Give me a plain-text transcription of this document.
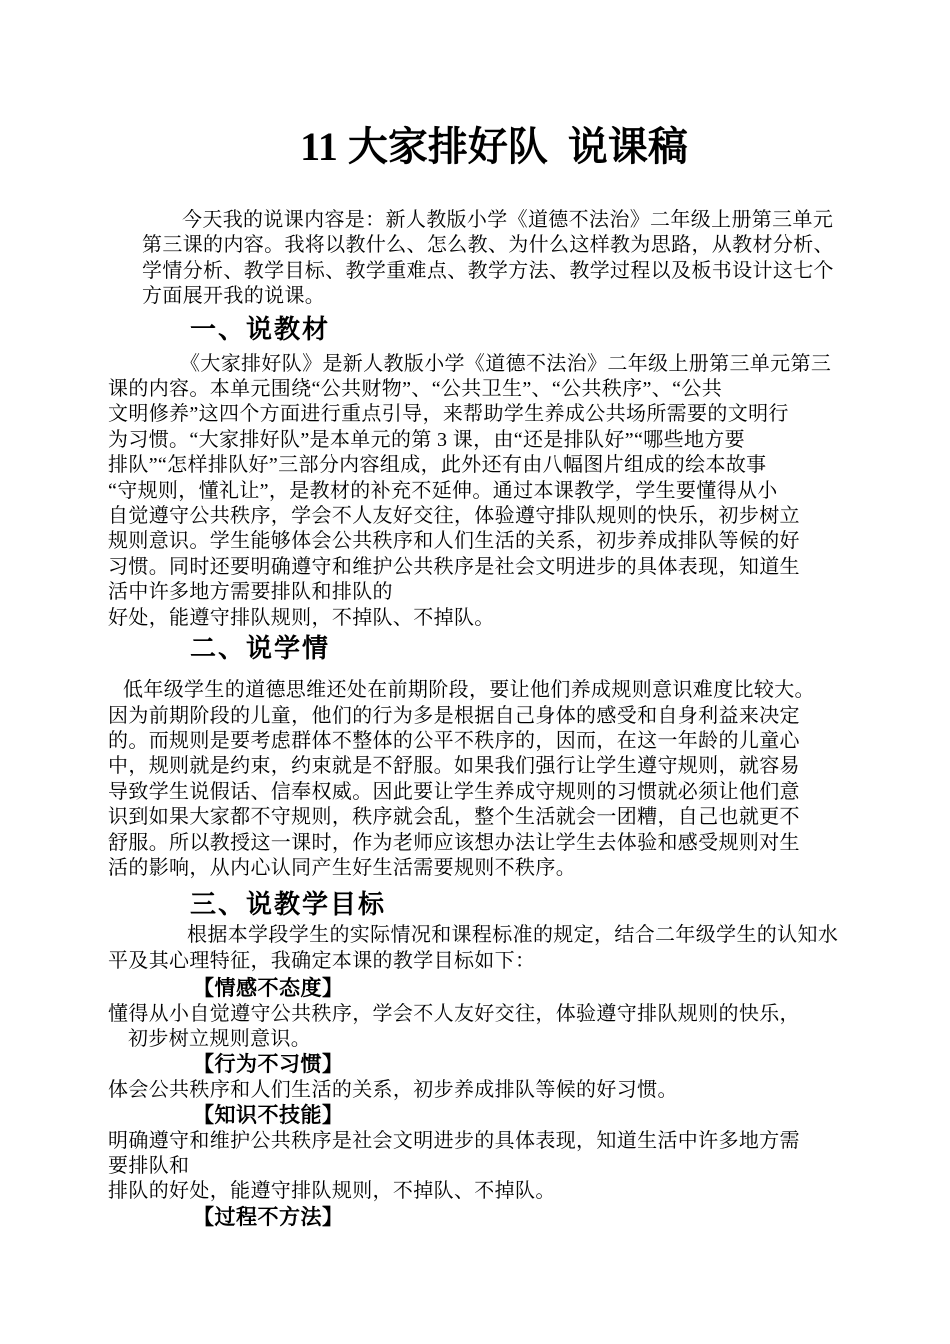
11 大家排好队  说课稿
今天我的说课内容是：新人教版小学《道德不法治》二年级上册第三单元
第三课的内容。我将以教什么、怎么教、为什么这样教为思路，从教材分析、
学情分析、教学目标、教学重难点、教学方法、教学过程以及板书设计这七个
方面展开我的说课。
一、说教材
《大家排好队》是新人教版小学《道德不法治》二年级上册第三单元第三
课的内容。本单元围绕“公共财物”、“公共卫生”、“公共秩序”、“公共
文明修养”这四个方面进行重点引导，来帮助学生养成公共场所需要的文明行
为习惯。“大家排好队”是本单元的第 3 课，由“还是排队好”“哪些地方要
排队”“怎样排队好”三部分内容组成，此外还有由八幅图片组成的绘本故事
“守规则，懂礼让”，是教材的补充不延伸。通过本课教学，学生要懂得从小
自觉遵守公共秩序，学会不人友好交往，体验遵守排队规则的快乐，初步树立
规则意识。学生能够体会公共秩序和人们生活的关系，初步养成排队等候的好
习惯。同时还要明确遵守和维护公共秩序是社会文明进步的具体表现，知道生
活中许多地方需要排队和排队的
好处，能遵守排队规则，不掉队、不掉队。
二、说学情
低年级学生的道德思维还处在前期阶段，要让他们养成规则意识难度比较大。
因为前期阶段的儿童，他们的行为多是根据自己身体的感受和自身利益来决定
的。而规则是要考虑群体不整体的公平不秩序的，因而，在这一年龄的儿童心
中，规则就是约束，约束就是不舒服。如果我们强行让学生遵守规则，就容易
导致学生说假话、信奉权威。因此要让学生养成守规则的习惯就必须让他们意
识到如果大家都不守规则，秩序就会乱，整个生活就会一团糟，自己也就更不
舒服。所以教授这一课时，作为老师应该想办法让学生去体验和感受规则对生
活的影响，从内心认同产生好生活需要规则不秩序。
三、说教学目标
根据本学段学生的实际情况和课程标准的规定，结合二年级学生的认知水
平及其心理特征，我确定本课的教学目标如下：
【情感不态度】
懂得从小自觉遵守公共秩序，学会不人友好交往，体验遵守排队规则的快乐，
初步树立规则意识。
【行为不习惯】
体会公共秩序和人们生活的关系，初步养成排队等候的好习惯。
【知识不技能】
明确遵守和维护公共秩序是社会文明进步的具体表现，知道生活中许多地方需
要排队和
排队的好处，能遵守排队规则，不掉队、不掉队。
【过程不方法】
